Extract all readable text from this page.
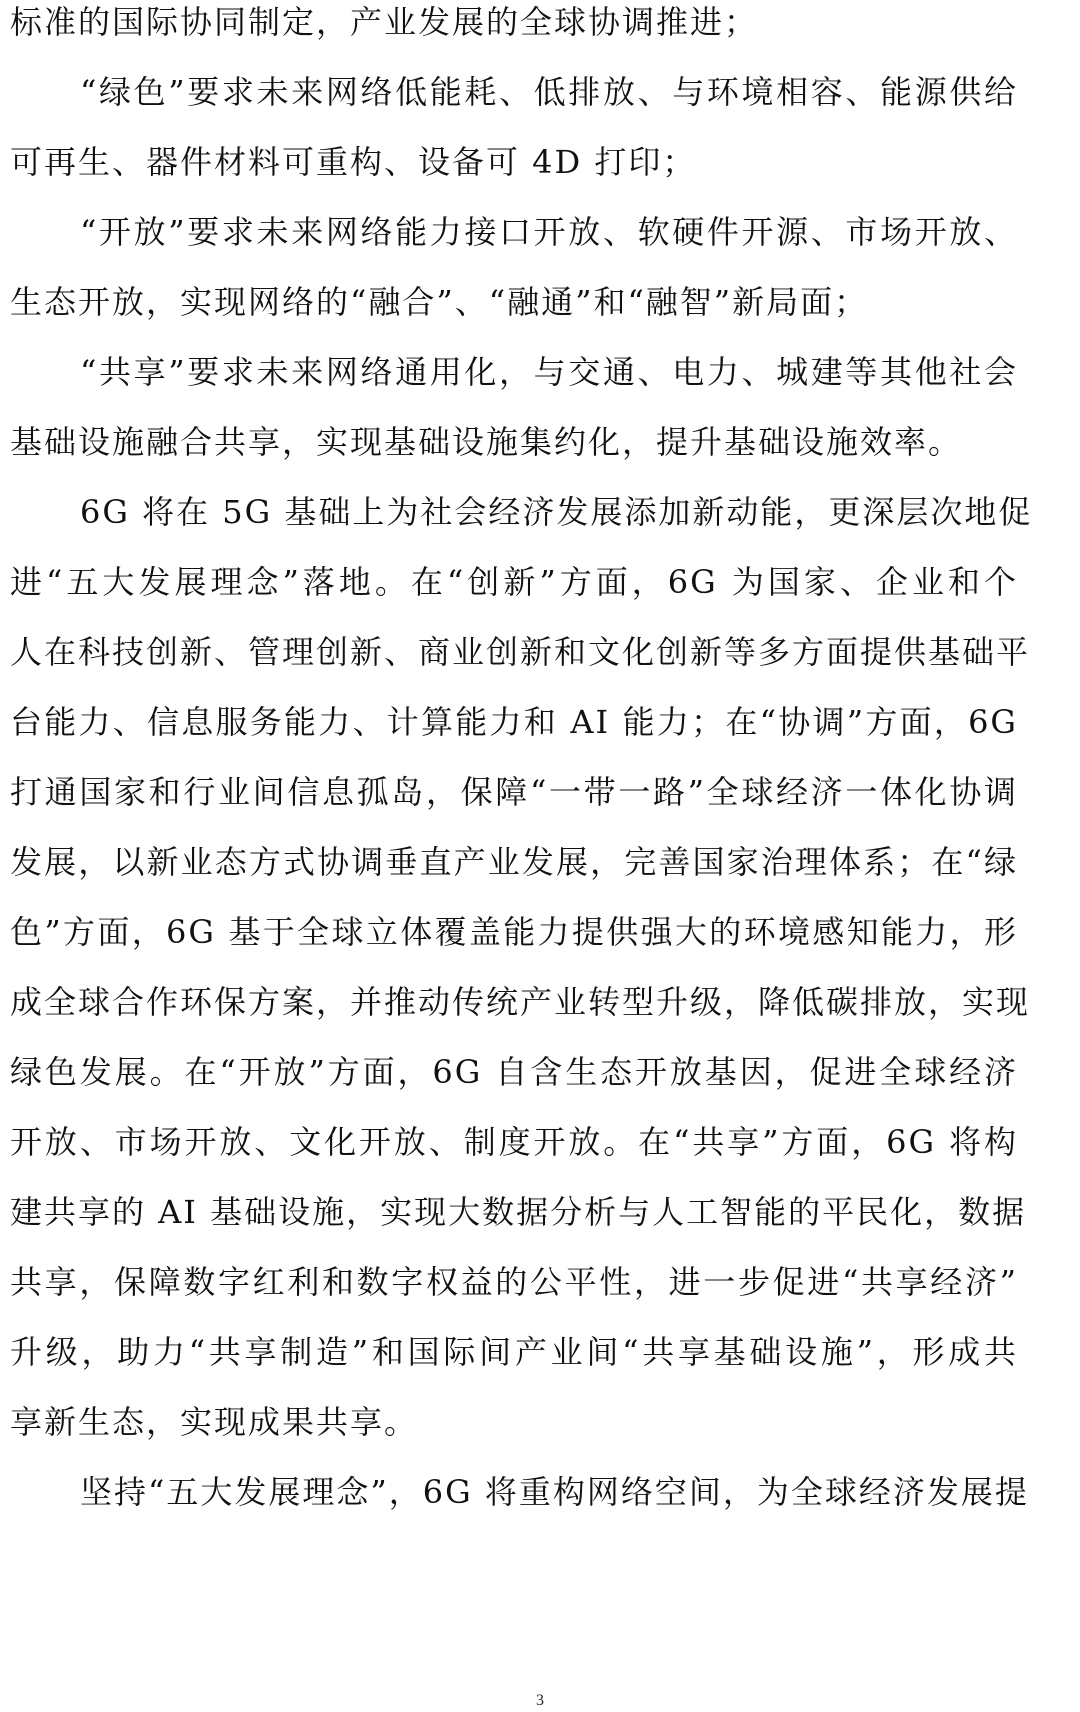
标准的国际协同制定，产业发展的全球协调推进；
“绿色”要求未来网络低能耗、低排放、与环境相容、能源供给
可再生、器件材料可重构、设备可 4D 打印；
“开放”要求未来网络能力接口开放、软硬件开源、市场开放、
生态开放，实现网络的“融合”、“融通”和“融智”新局面；
“共享”要求未来网络通用化，与交通、电力、城建等其他社会
基础设施融合共享，实现基础设施集约化，提升基础设施效率。
6G 将在 5G 基础上为社会经济发展添加新动能，更深层次地促
进“五大发展理念”落地。在“创新”方面，6G 为国家、企业和个
人在科技创新、管理创新、商业创新和文化创新等多方面提供基础平
台能力、信息服务能力、计算能力和 AI 能力；在“协调”方面，6G
打通国家和行业间信息孤岛，保障“一带一路”全球经济一体化协调
发展，以新业态方式协调垂直产业发展，完善国家治理体系；在“绿
色”方面，6G 基于全球立体覆盖能力提供强大的环境感知能力，形
成全球合作环保方案，并推动传统产业转型升级，降低碳排放，实现
绿色发展。在“开放”方面，6G 自含生态开放基因，促进全球经济
开放、市场开放、文化开放、制度开放。在“共享”方面，6G 将构
建共享的 AI 基础设施，实现大数据分析与人工智能的平民化，数据
共享，保障数字红利和数字权益的公平性，进一步促进“共享经济”
升级，助力“共享制造”和国际间产业间“共享基础设施”，形成共
享新生态，实现成果共享。
坚持“五大发展理念”，6G 将重构网络空间，为全球经济发展提
3
